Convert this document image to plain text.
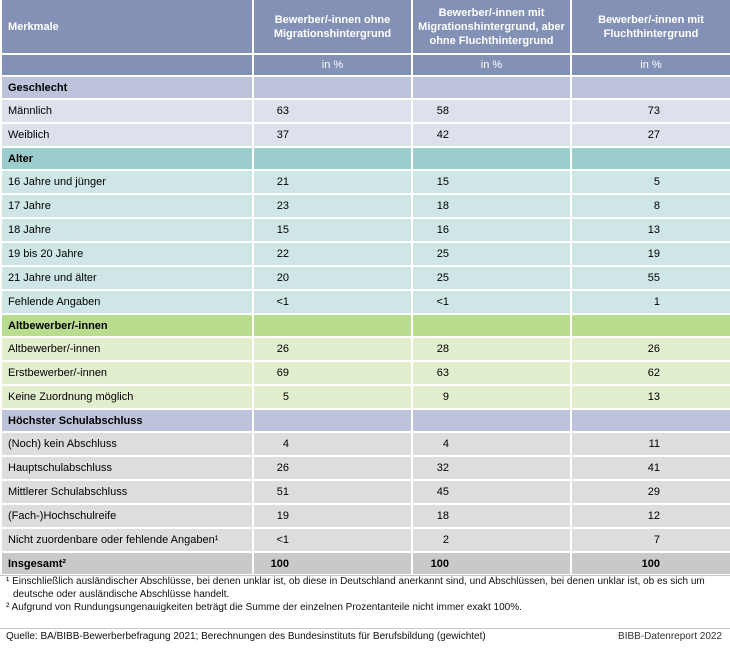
Merkmale	Bewerber/-innen ohne Migrationshintergrund	Bewerber/-innen mit Migrationshintergrund, aber ohne Fluchthintergrund	Bewerber/-innen mit Fluchthintergrund
	in %	in %	in %
Geschlecht			
Männlich	63	58	73
Weiblich	37	42	27
Alter			
16 Jahre und jünger	21	15	5
17 Jahre	23	18	8
18 Jahre	15	16	13
19 bis 20 Jahre	22	25	19
21 Jahre und älter	20	25	55
Fehlende Angaben	<1	<1	1
Altbewerber/-innen			
Altbewerber/-innen	26	28	26
Erstbewerber/-innen	69	63	62
Keine Zuordnung möglich	5	9	13
Höchster Schulabschluss			
(Noch) kein Abschluss	4	4	11
Hauptschulabschluss	26	32	41
Mittlerer Schulabschluss	51	45	29
(Fach-)Hochschulreife	19	18	12
Nicht zuordenbare oder fehlende Angaben¹	<1	2	7
Insgesamt²	100	100	100

¹ Einschließlich ausländischer Abschlüsse, bei denen unklar ist, ob diese in Deutschland anerkannt sind, und Abschlüssen, bei denen unklar ist, ob es sich um deutsche oder ausländische Abschlüsse handelt.

² Aufgrund von Rundungsungenauigkeiten beträgt die Summe der einzelnen Prozentanteile nicht immer exakt 100%.

Quelle: BA/BIBB-Bewerberbefragung 2021; Berechnungen des Bundesinstituts für Berufsbildung (gewichtet)	BIBB-Datenreport 2022
